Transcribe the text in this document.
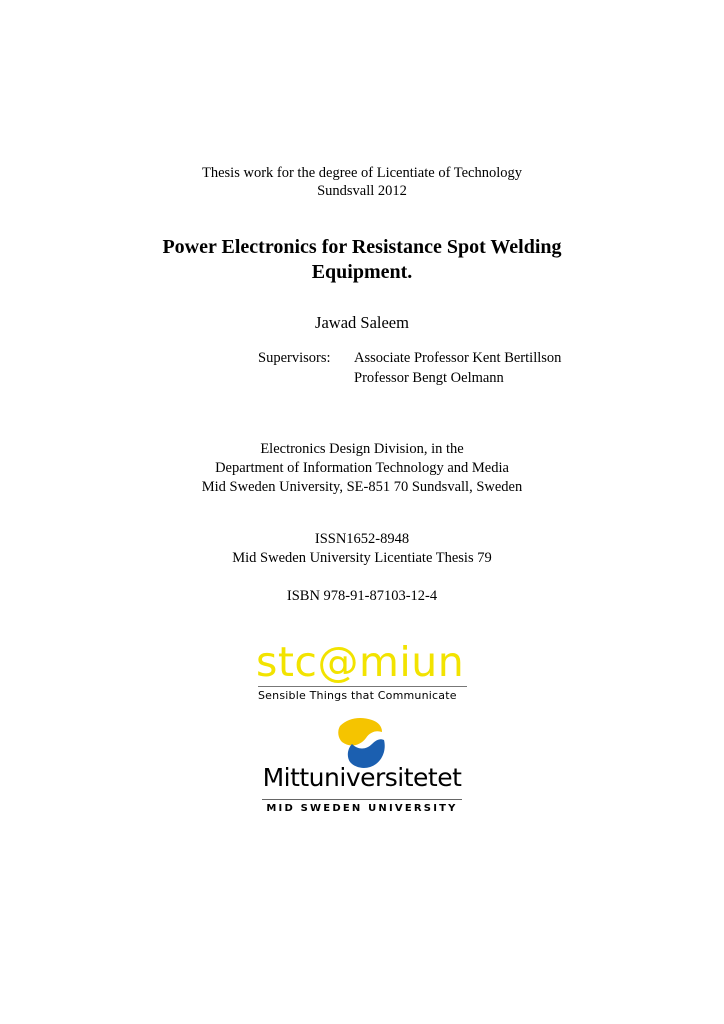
Thesis work for the degree of Licentiate of Technology
Sundsvall 2012
Power Electronics for Resistance Spot Welding
Equipment.
Jawad Saleem
Supervisors: Associate Professor Kent Bertillson
Professor Bengt Oelmann
Electronics Design Division, in the
Department of Information Technology and Media
Mid Sweden University, SE-851 70 Sundsvall, Sweden
ISSN1652-8948
Mid Sweden University Licentiate Thesis 79
ISBN 978-91-87103-12-4
stc@miun
Sensible Things that Communicate
Mittuniversitetet
MID SWEDEN UNIVERSITY
